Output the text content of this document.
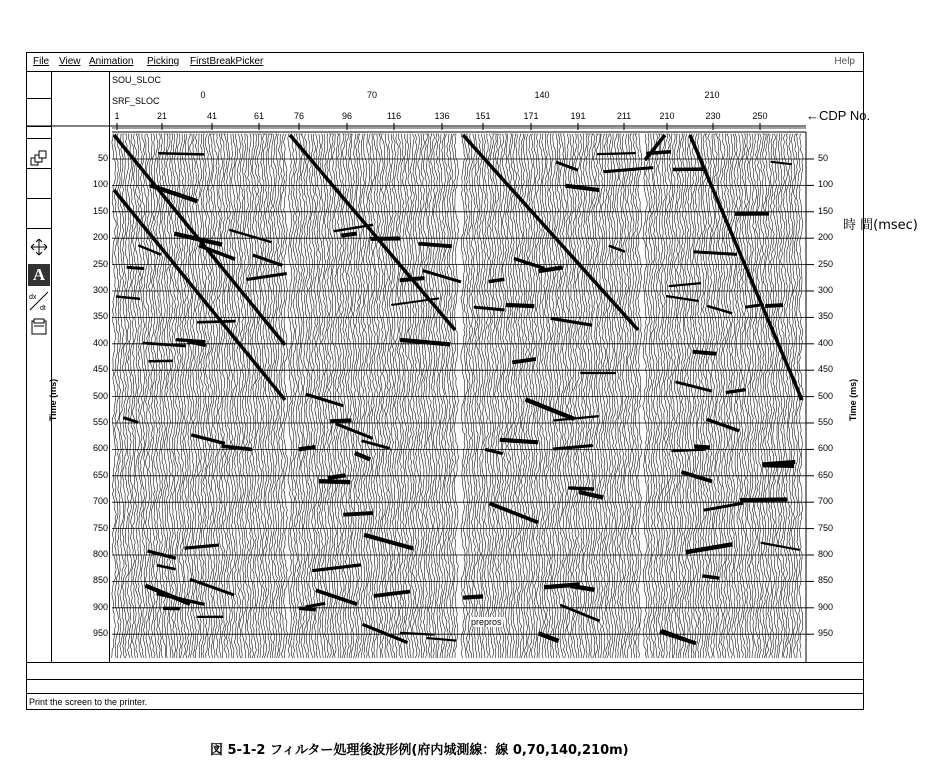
File View Animation Picking FirstBreakPicker	Help
A
dx
dt
SOU_SLOC
SRF_SLOC
0	70	140	210
1	21	41	61	76	96	116	136	151	171	191	211	210	230	250	←CDP No.
50	50
100	100
150	150
200	200
250	250
300	300
350	350
400	400
450	450
500	500
550	550
600	600
650	650
700	700
750	750
800	800
850	850
900	900
950	950
Time (ms)	Time (ms)
時 間(msec)
prepros
Print the screen to the printer.
図 5-1-2 フィルター処理後波形例(府内城測線：線 0,70,140,210m)
